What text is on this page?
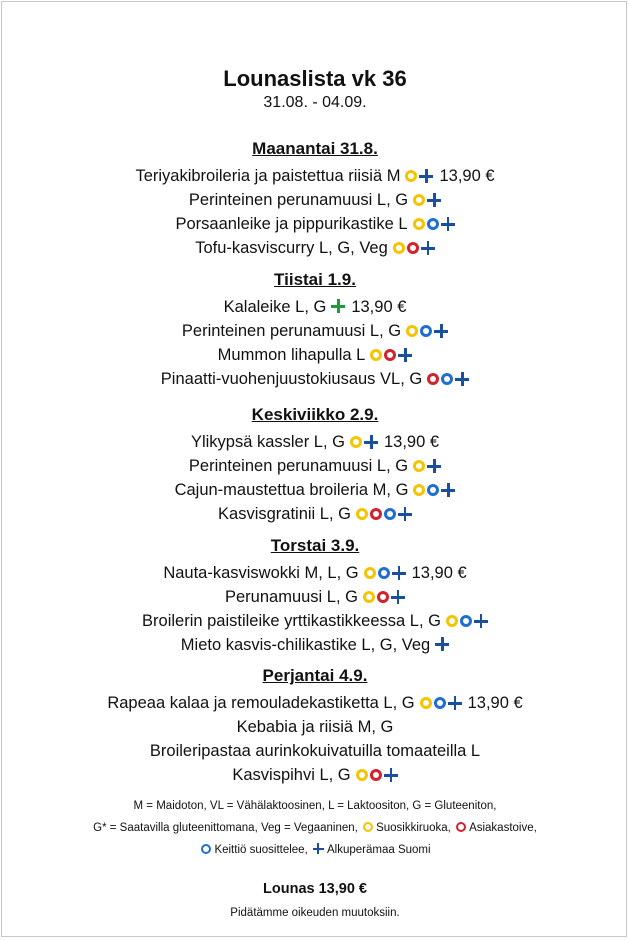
Lounaslista vk 36
31.08. - 04.09.
M = Maidoton, VL = Vähälaktoosinen, L = Laktoositon, G = Gluteeniton,
G* = Saatavilla gluteenittomana, Veg = Vegaaninen, Suosikkiruoka, Asiakastoive,
Keittiö suosittelee, Alkuperämaa Suomi
Lounas 13,90 €
Pidätämme oikeuden muutoksiin.
Maanantai 31.8.
Teriyakibroileria ja paistettua riisiä M 13,90 €
Perinteinen perunamuusi L, G
Porsaanleike ja pippurikastike L
Tofu-kasviscurry L, G, Veg
Tiistai 1.9.
Kalaleike L, G 13,90 €
Perinteinen perunamuusi L, G
Mummon lihapulla L
Pinaatti-vuohenjuustokiusaus VL, G
Keskiviikko 2.9.
Ylikypsä kassler L, G 13,90 €
Perinteinen perunamuusi L, G
Cajun-maustettua broileria M, G
Kasvisgratinii L, G
Torstai 3.9.
Nauta-kasviswokki M, L, G	13,90 €
Perunamuusi L, G
Broilerin paistileike yrttikastikkeessa L, G
Mieto kasvis-chilikastike L, G, Veg
Perjantai 4.9.
Rapeaa kalaa ja remouladekastiketta L, G	13,90 €
Kebabia ja riisiä M, G
Broileripastaa aurinkokuivatuilla tomaateilla L
Kasvispihvi L, G
